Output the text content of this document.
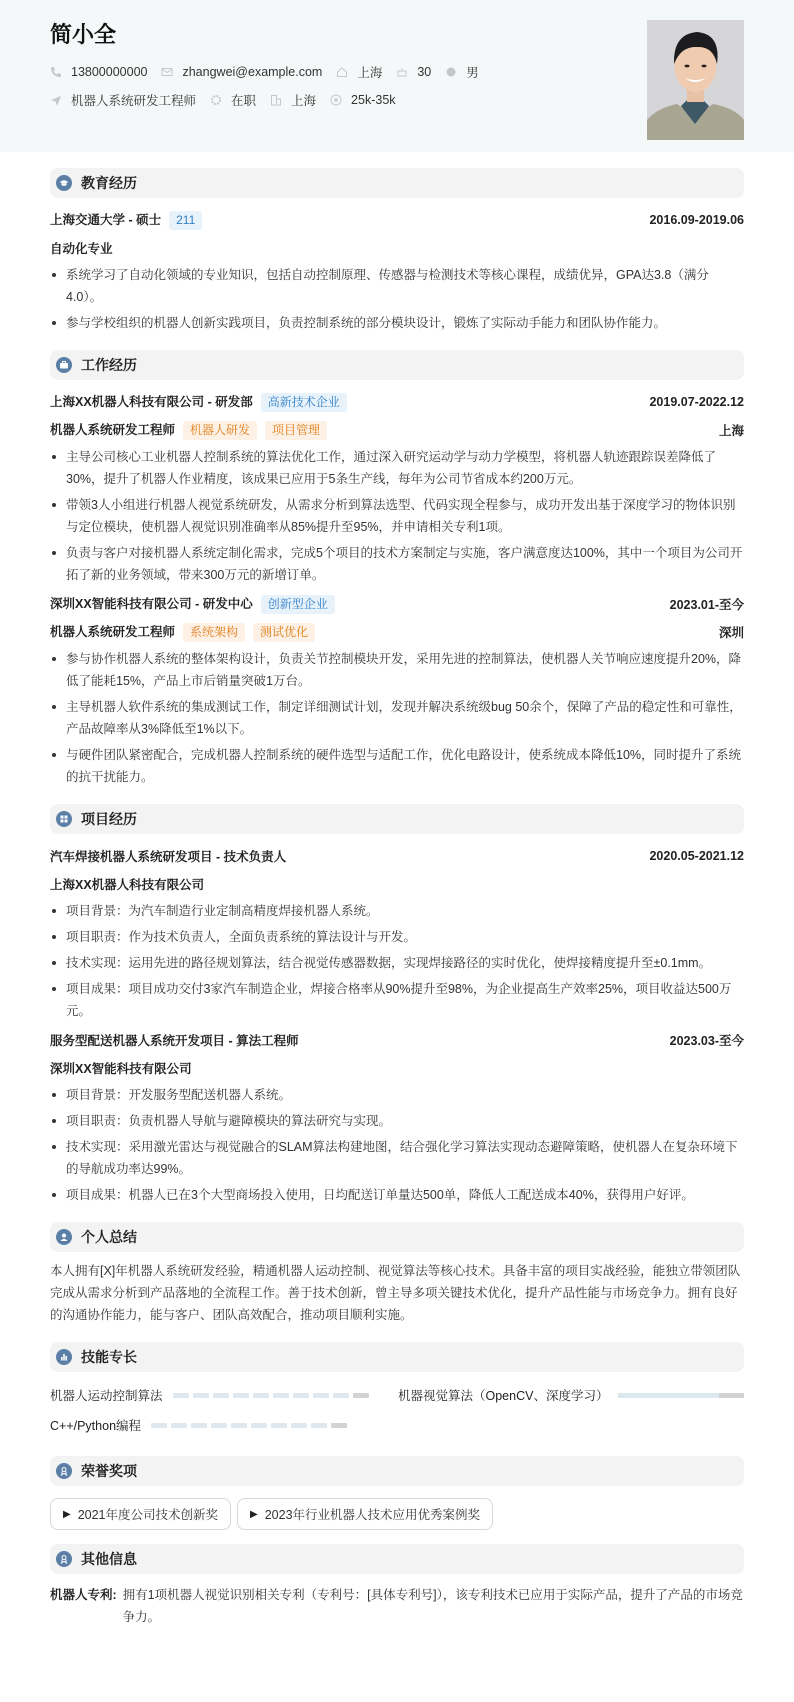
简小全
13800000000	zhangwei@example.com	上海	30	男
机器人系统研发工程师	在职	上海	25k-35k
教育经历
上海交通大学 - 硕士 211	2016.09-2019.06
自动化专业
系统学习了自动化领域的专业知识，包括自动控制原理、传感器与检测技术等核心课程，成绩优异，GPA达3.8（满分4.0）。
参与学校组织的机器人创新实践项目，负责控制系统的部分模块设计，锻炼了实际动手能力和团队协作能力。
工作经历
上海XX机器人科技有限公司 - 研发部 高新技术企业	2019.07-2022.12
机器人系统研发工程师 机器人研发 项目管理	上海
主导公司核心工业机器人控制系统的算法优化工作，通过深入研究运动学与动力学模型，将机器人轨迹跟踪误差降低了30%，提升了机器人作业精度，该成果已应用于5条生产线，每年为公司节省成本约200万元。
带领3人小组进行机器人视觉系统研发，从需求分析到算法选型、代码实现全程参与，成功开发出基于深度学习的物体识别与定位模块，使机器人视觉识别准确率从85%提升至95%，并申请相关专利1项。
负责与客户对接机器人系统定制化需求，完成5个项目的技术方案制定与实施，客户满意度达100%，其中一个项目为公司开拓了新的业务领域，带来300万元的新增订单。
深圳XX智能科技有限公司 - 研发中心 创新型企业	2023.01-至今
机器人系统研发工程师 系统架构 测试优化	深圳
参与协作机器人系统的整体架构设计，负责关节控制模块开发，采用先进的控制算法，使机器人关节响应速度提升20%，降低了能耗15%，产品上市后销量突破1万台。
主导机器人软件系统的集成测试工作，制定详细测试计划，发现并解决系统级bug 50余个，保障了产品的稳定性和可靠性，产品故障率从3%降低至1%以下。
与硬件团队紧密配合，完成机器人控制系统的硬件选型与适配工作，优化电路设计，使系统成本降低10%，同时提升了系统的抗干扰能力。
项目经历
汽车焊接机器人系统研发项目 - 技术负责人	2020.05-2021.12
上海XX机器人科技有限公司
项目背景：为汽车制造行业定制高精度焊接机器人系统。
项目职责：作为技术负责人，全面负责系统的算法设计与开发。
技术实现：运用先进的路径规划算法，结合视觉传感器数据，实现焊接路径的实时优化，使焊接精度提升至±0.1mm。
项目成果：项目成功交付3家汽车制造企业，焊接合格率从90%提升至98%，为企业提高生产效率25%，项目收益达500万元。
服务型配送机器人系统开发项目 - 算法工程师	2023.03-至今
深圳XX智能科技有限公司
项目背景：开发服务型配送机器人系统。
项目职责：负责机器人导航与避障模块的算法研究与实现。
技术实现：采用激光雷达与视觉融合的SLAM算法构建地图，结合强化学习算法实现动态避障策略，使机器人在复杂环境下的导航成功率达99%。
项目成果：机器人已在3个大型商场投入使用，日均配送订单量达500单，降低人工配送成本40%，获得用户好评。
个人总结
本人拥有[X]年机器人系统研发经验，精通机器人运动控制、视觉算法等核心技术。具备丰富的项目实战经验，能独立带领团队完成从需求分析到产品落地的全流程工作。善于技术创新，曾主导多项关键技术优化，提升产品性能与市场竞争力。拥有良好的沟通协作能力，能与客户、团队高效配合，推动项目顺利实施。
技能专长
机器人运动控制算法	机器视觉算法（OpenCV、深度学习）
C++/Python编程
荣誉奖项
▶ 2021年度公司技术创新奖	▶ 2023年行业机器人技术应用优秀案例奖
其他信息
机器人专利: 拥有1项机器人视觉识别相关专利（专利号：[具体专利号]），该专利技术已应用于实际产品，提升了产品的市场竞争力。
